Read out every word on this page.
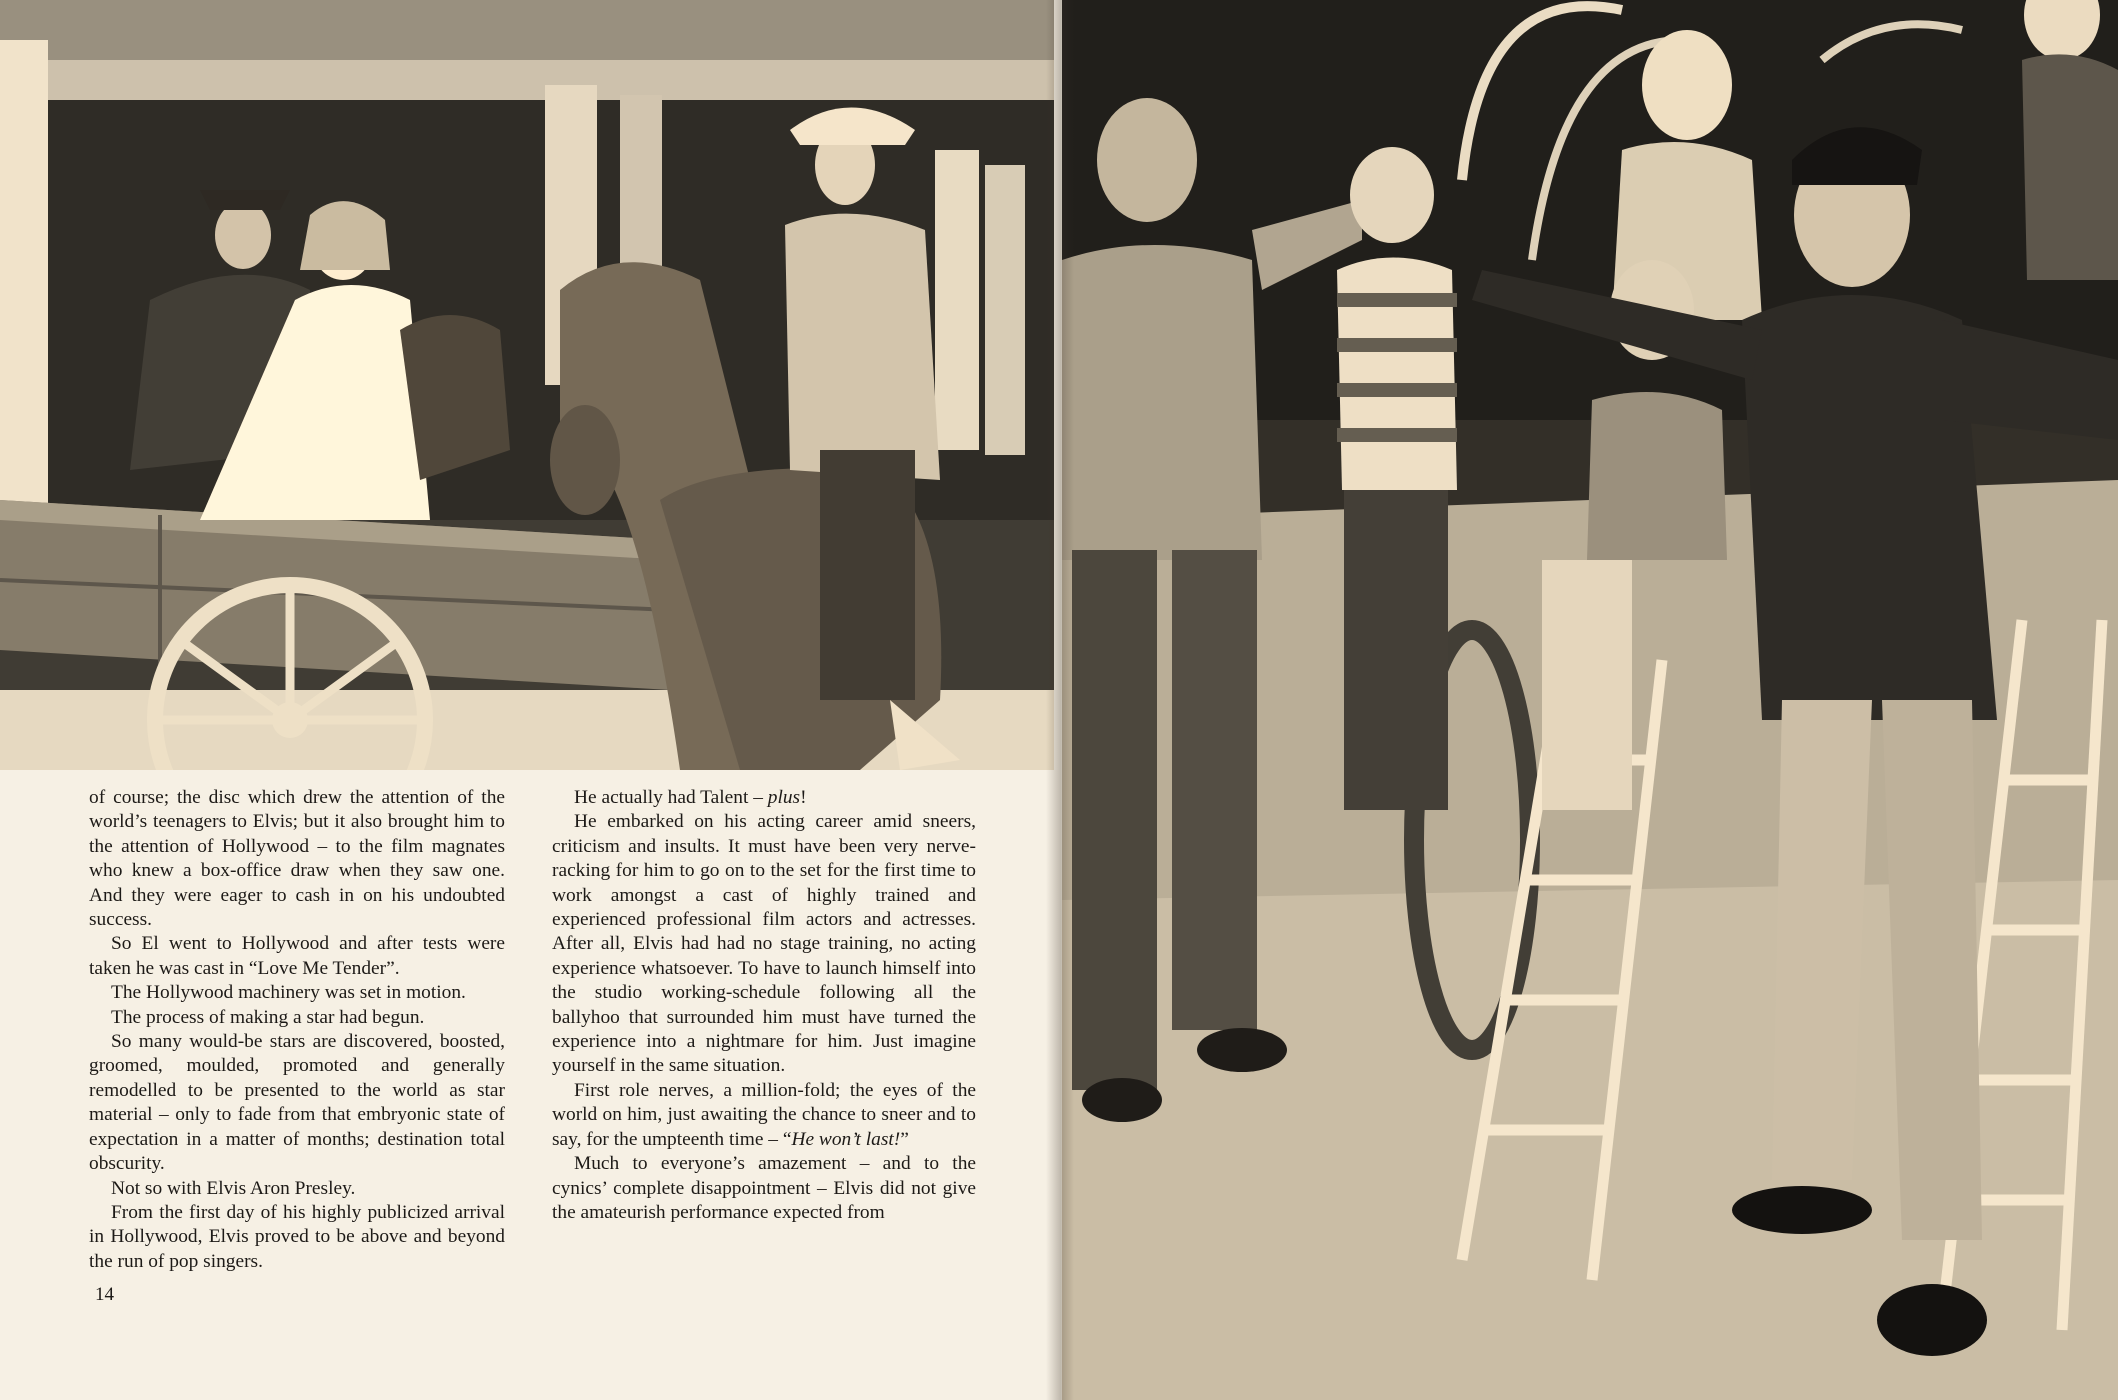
of course; the disc which drew the attention of the world’s teenagers to Elvis; but it also brought him to the attention of Hollywood – to the film magnates who knew a box-office draw when they saw one. And they were eager to cash in on his undoubted success.

So El went to Hollywood and after tests were taken he was cast in “Love Me Tender”.

The Hollywood machinery was set in motion.

The process of making a star had begun.

So many would-be stars are discovered, boosted, groomed, moulded, promoted and generally remodelled to be presented to the world as star material – only to fade from that embryonic state of expectation in a matter of months; destination total obscurity.

Not so with Elvis Aron Presley.

From the first day of his highly publicized arrival in Hollywood, Elvis proved to be above and beyond the run of pop singers.

He actually had Talent – plus!

He embarked on his acting career amid sneers, criticism and insults. It must have been very nerve-racking for him to go on to the set for the first time to work amongst a cast of highly trained and experienced professional film actors and actresses. After all, Elvis had had no stage training, no acting experience whatsoever. To have to launch himself into the studio working-schedule following all the ballyhoo that surrounded him must have turned the experience into a nightmare for him. Just imagine yourself in the same situation.

First role nerves, a million-fold; the eyes of the world on him, just awaiting the chance to sneer and to say, for the umpteenth time – “He won’t last!”

Much to everyone’s amazement – and to the cynics’ complete disappointment – Elvis did not give the amateurish performance expected from

14
